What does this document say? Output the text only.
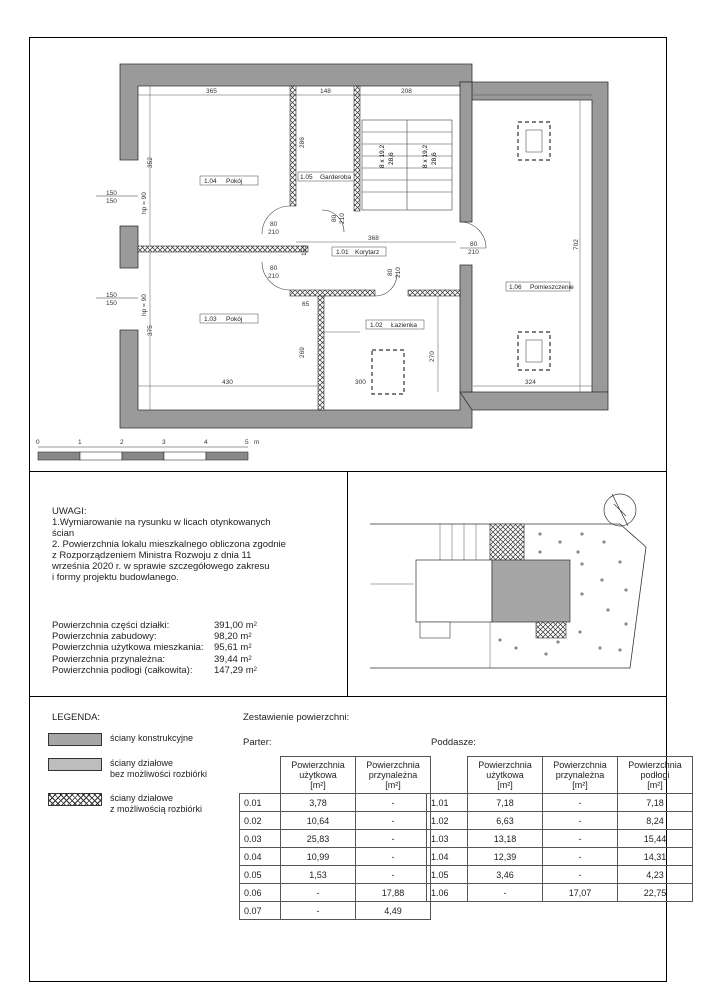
8 x 19,2 28,6	8 x 19,2 28,6
1.04 Pokój
1.05 Garderoba
1.03 Pokój
1.01 Korytarz
1.02 Łazienka
1.06 Pomieszczenie
365	148	208
352
375
430	300	324
702
368
286
153
269
65
270
80
210
80
210
80 210
80 210
80
210
150
150	hp = 90
150
150	hp = 90
0	1	2	3	4	5 m
UWAGI:
1.Wymiarowanie na rysunku w licach otynkowanych
ścian
2. Powierzchnia lokalu mieszkalnego obliczona zgodnie
z Rozporządzeniem Ministra Rozwoju z dnia 11
września 2020 r. w sprawie szczegółowego zakresu
i formy projektu budowlanego.
Powierzchnia części działki:	391,00 m 2
Powierzchnia zabudowy:	98,20 m 2
Powierzchnia użytkowa mieszkania:	95,61 m 2
Powierzchnia przynależna:	39,44 m 2
Powierzchnia podłogi (całkowita):	147,29 m 2
LEGENDA:
ściany konstrukcyjne
ściany działowe
bez możliwości rozbiórki
ściany działowe
z możliwością rozbiórki
Zestawienie powierzchni:
Parter:	Poddasze:
	Powierzchnia
użytkowa
[m²]	Powierzchnia
przynależna
[m²]
0.01	3,78	-
0.02	10,64	-
0.03	25,83	-
0.04	10,99	-
0.05	1,53	-
0.06	-	17,88
0.07	-	4,49
	Powierzchnia
użytkowa
[m²]	Powierzchnia
przynależna
[m²]	Powierzchnia
podłogi
[m²]
1.01	7,18	-	7,18
1.02	6,63	-	8,24
1.03	13,18	-	15,44
1.04	12,39	-	14,31
1.05	3,46	-	4,23
1.06	-	17,07	22,75
